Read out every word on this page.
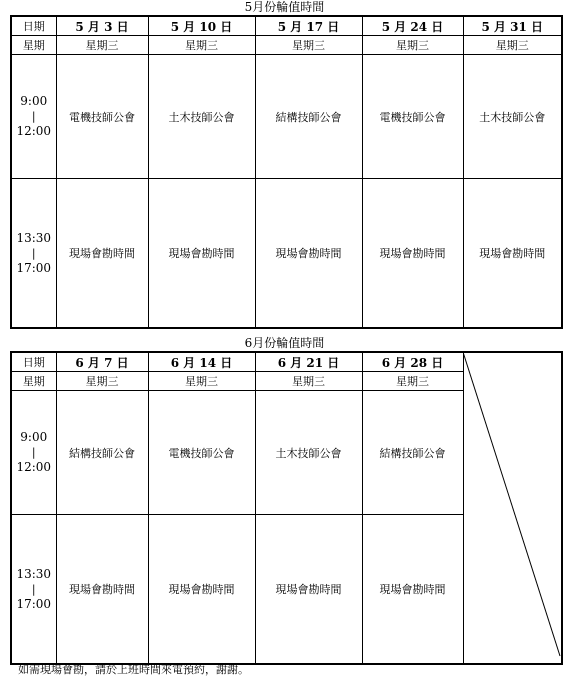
5月份輪值時間
日期	5 月 3 日	5 月 10 日	5 月 17 日	5 月 24 日	5 月 31 日
星期	星期三	星期三	星期三	星期三	星期三

9:00
|
12:00	電機技師公會	土木技師公會	結構技師公會	電機技師公會	土木技師公會

13:30
|
17:00	現場會勘時間	現場會勘時間	現場會勘時間	現場會勘時間	現場會勘時間
6月份輪值時間
日期	6 月 7 日	6 月 14 日	6 月 21 日	6 月 28 日	
星期	星期三	星期三	星期三	星期三	

9:00
|
12:00	結構技師公會	電機技師公會	土木技師公會	結構技師公會	

13:30
|
17:00	現場會勘時間	現場會勘時間	現場會勘時間	現場會勘時間	
如需現場會勘，請於上班時間來電預約，謝謝。
